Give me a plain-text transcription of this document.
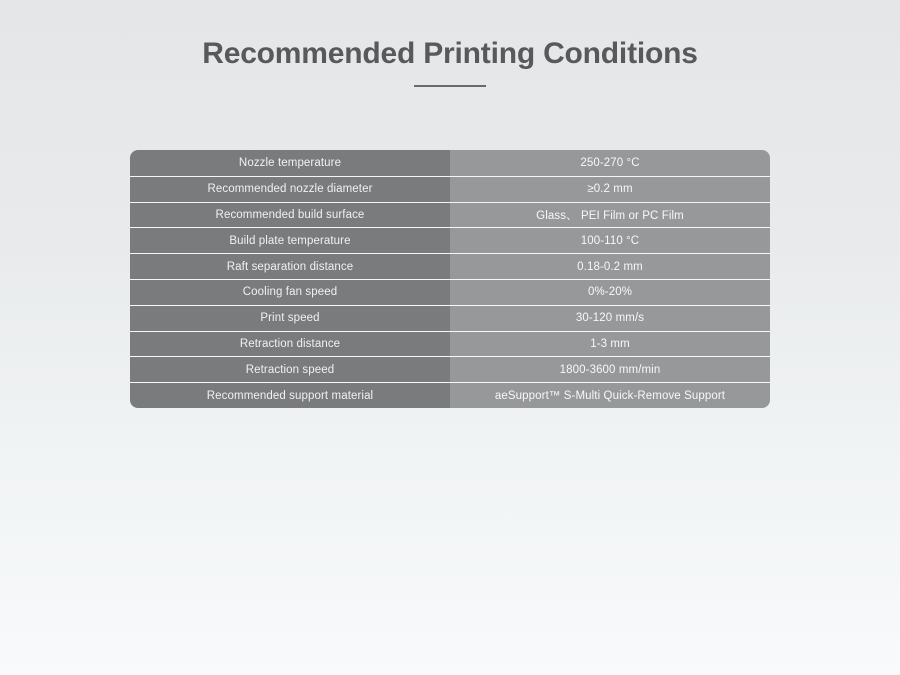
Recommended Printing Conditions
Nozzle temperature	250-270 °C
Recommended nozzle diameter	≥0.2 mm
Recommended build surface	Glass、 PEI Film or PC Film
Build plate temperature	100-110 °C
Raft separation distance	0.18-0.2 mm
Cooling fan speed	0%-20%
Print speed	30-120 mm/s
Retraction distance	1-3 mm
Retraction speed	1800-3600 mm/min
Recommended support material	aeSupport™ S-Multi Quick-Remove Support
